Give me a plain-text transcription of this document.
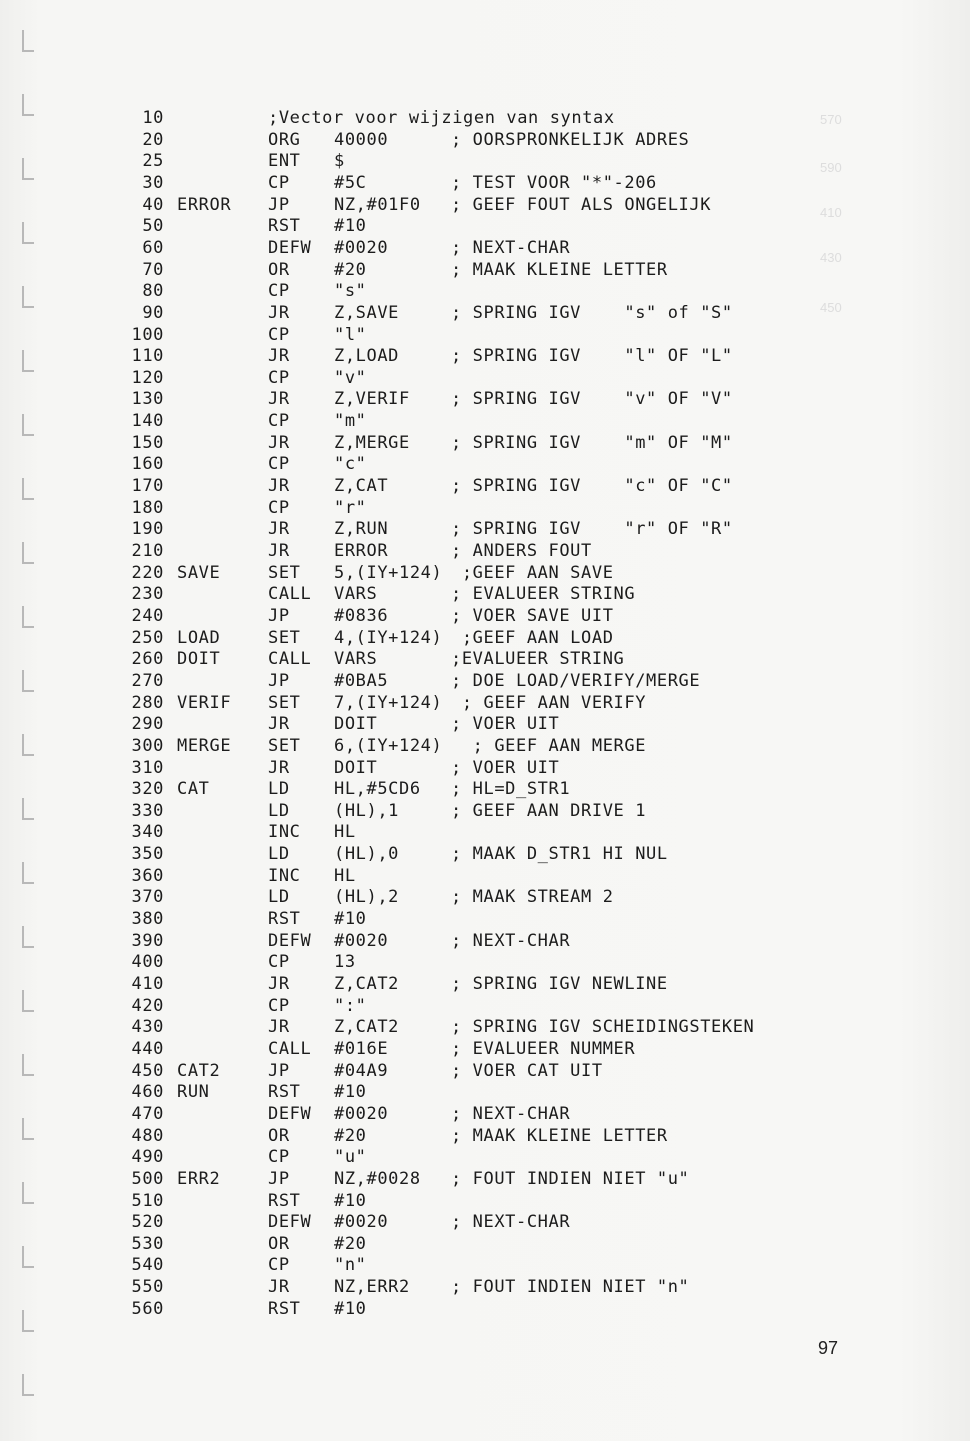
570
590
410
430
450
10	;Vector voor wijzigen van syntax
20	ORG 40000	; OORSPRONKELIJK ADRES
25	ENT $
30	CP	#5C	; TEST VOOR "*"-206
40 ERROR JP	NZ,#01F0 ; GEEF FOUT ALS ONGELIJK
50	RST #10
60	DEFW #0020	; NEXT-CHAR
70	OR	#20	; MAAK KLEINE LETTER
80	CP	"s"
90	JR	Z,SAVE	; SPRING IGV    "s" of "S"
100	CP	"l"
110	JR	Z,LOAD	; SPRING IGV    "l" OF "L"
120	CP	"v"
130	JR	Z,VERIF ; SPRING IGV    "v" OF "V"
140	CP	"m"
150	JR	Z,MERGE ; SPRING IGV    "m" OF "M"
160	CP	"c"
170	JR	Z,CAT	; SPRING IGV    "c" OF "C"
180	CP	"r"
190	JR	Z,RUN	; SPRING IGV    "r" OF "R"
210	JR	ERROR	; ANDERS FOUT
220 SAVE	SET 5,(IY+124) ;GEEF AAN SAVE
230	CALL VARS	; EVALUEER STRING
240	JP	#0836	; VOER SAVE UIT
250 LOAD	SET 4,(IY+124) ;GEEF AAN LOAD
260 DOIT	CALL VARS	;EVALUEER STRING
270	JP	#0BA5	; DOE LOAD/VERIFY/MERGE
280 VERIF SET 7,(IY+124) ; GEEF AAN VERIFY
290	JR	DOIT	; VOER UIT
300 MERGE SET 6,(IY+124) ; GEEF AAN MERGE
310	JR	DOIT	; VOER UIT
320 CAT	LD	HL,#5CD6 ; HL=D_STR1
330	LD	(HL),1	; GEEF AAN DRIVE 1
340	INC HL
350	LD	(HL),0	; MAAK D_STR1 HI NUL
360	INC HL
370	LD	(HL),2	; MAAK STREAM 2
380	RST #10
390	DEFW #0020	; NEXT-CHAR
400	CP	13
410	JR	Z,CAT2	; SPRING IGV NEWLINE
420	CP	":"
430	JR	Z,CAT2	; SPRING IGV SCHEIDINGSTEKEN
440	CALL #016E	; EVALUEER NUMMER
450 CAT2	JP	#04A9	; VOER CAT UIT
460 RUN	RST #10
470	DEFW #0020	; NEXT-CHAR
480	OR	#20	; MAAK KLEINE LETTER
490	CP	"u"
500 ERR2	JP	NZ,#0028 ; FOUT INDIEN NIET "u"
510	RST #10
520	DEFW #0020	; NEXT-CHAR
530	OR	#20
540	CP	"n"
550	JR	NZ,ERR2 ; FOUT INDIEN NIET "n"
560	RST #10
97
